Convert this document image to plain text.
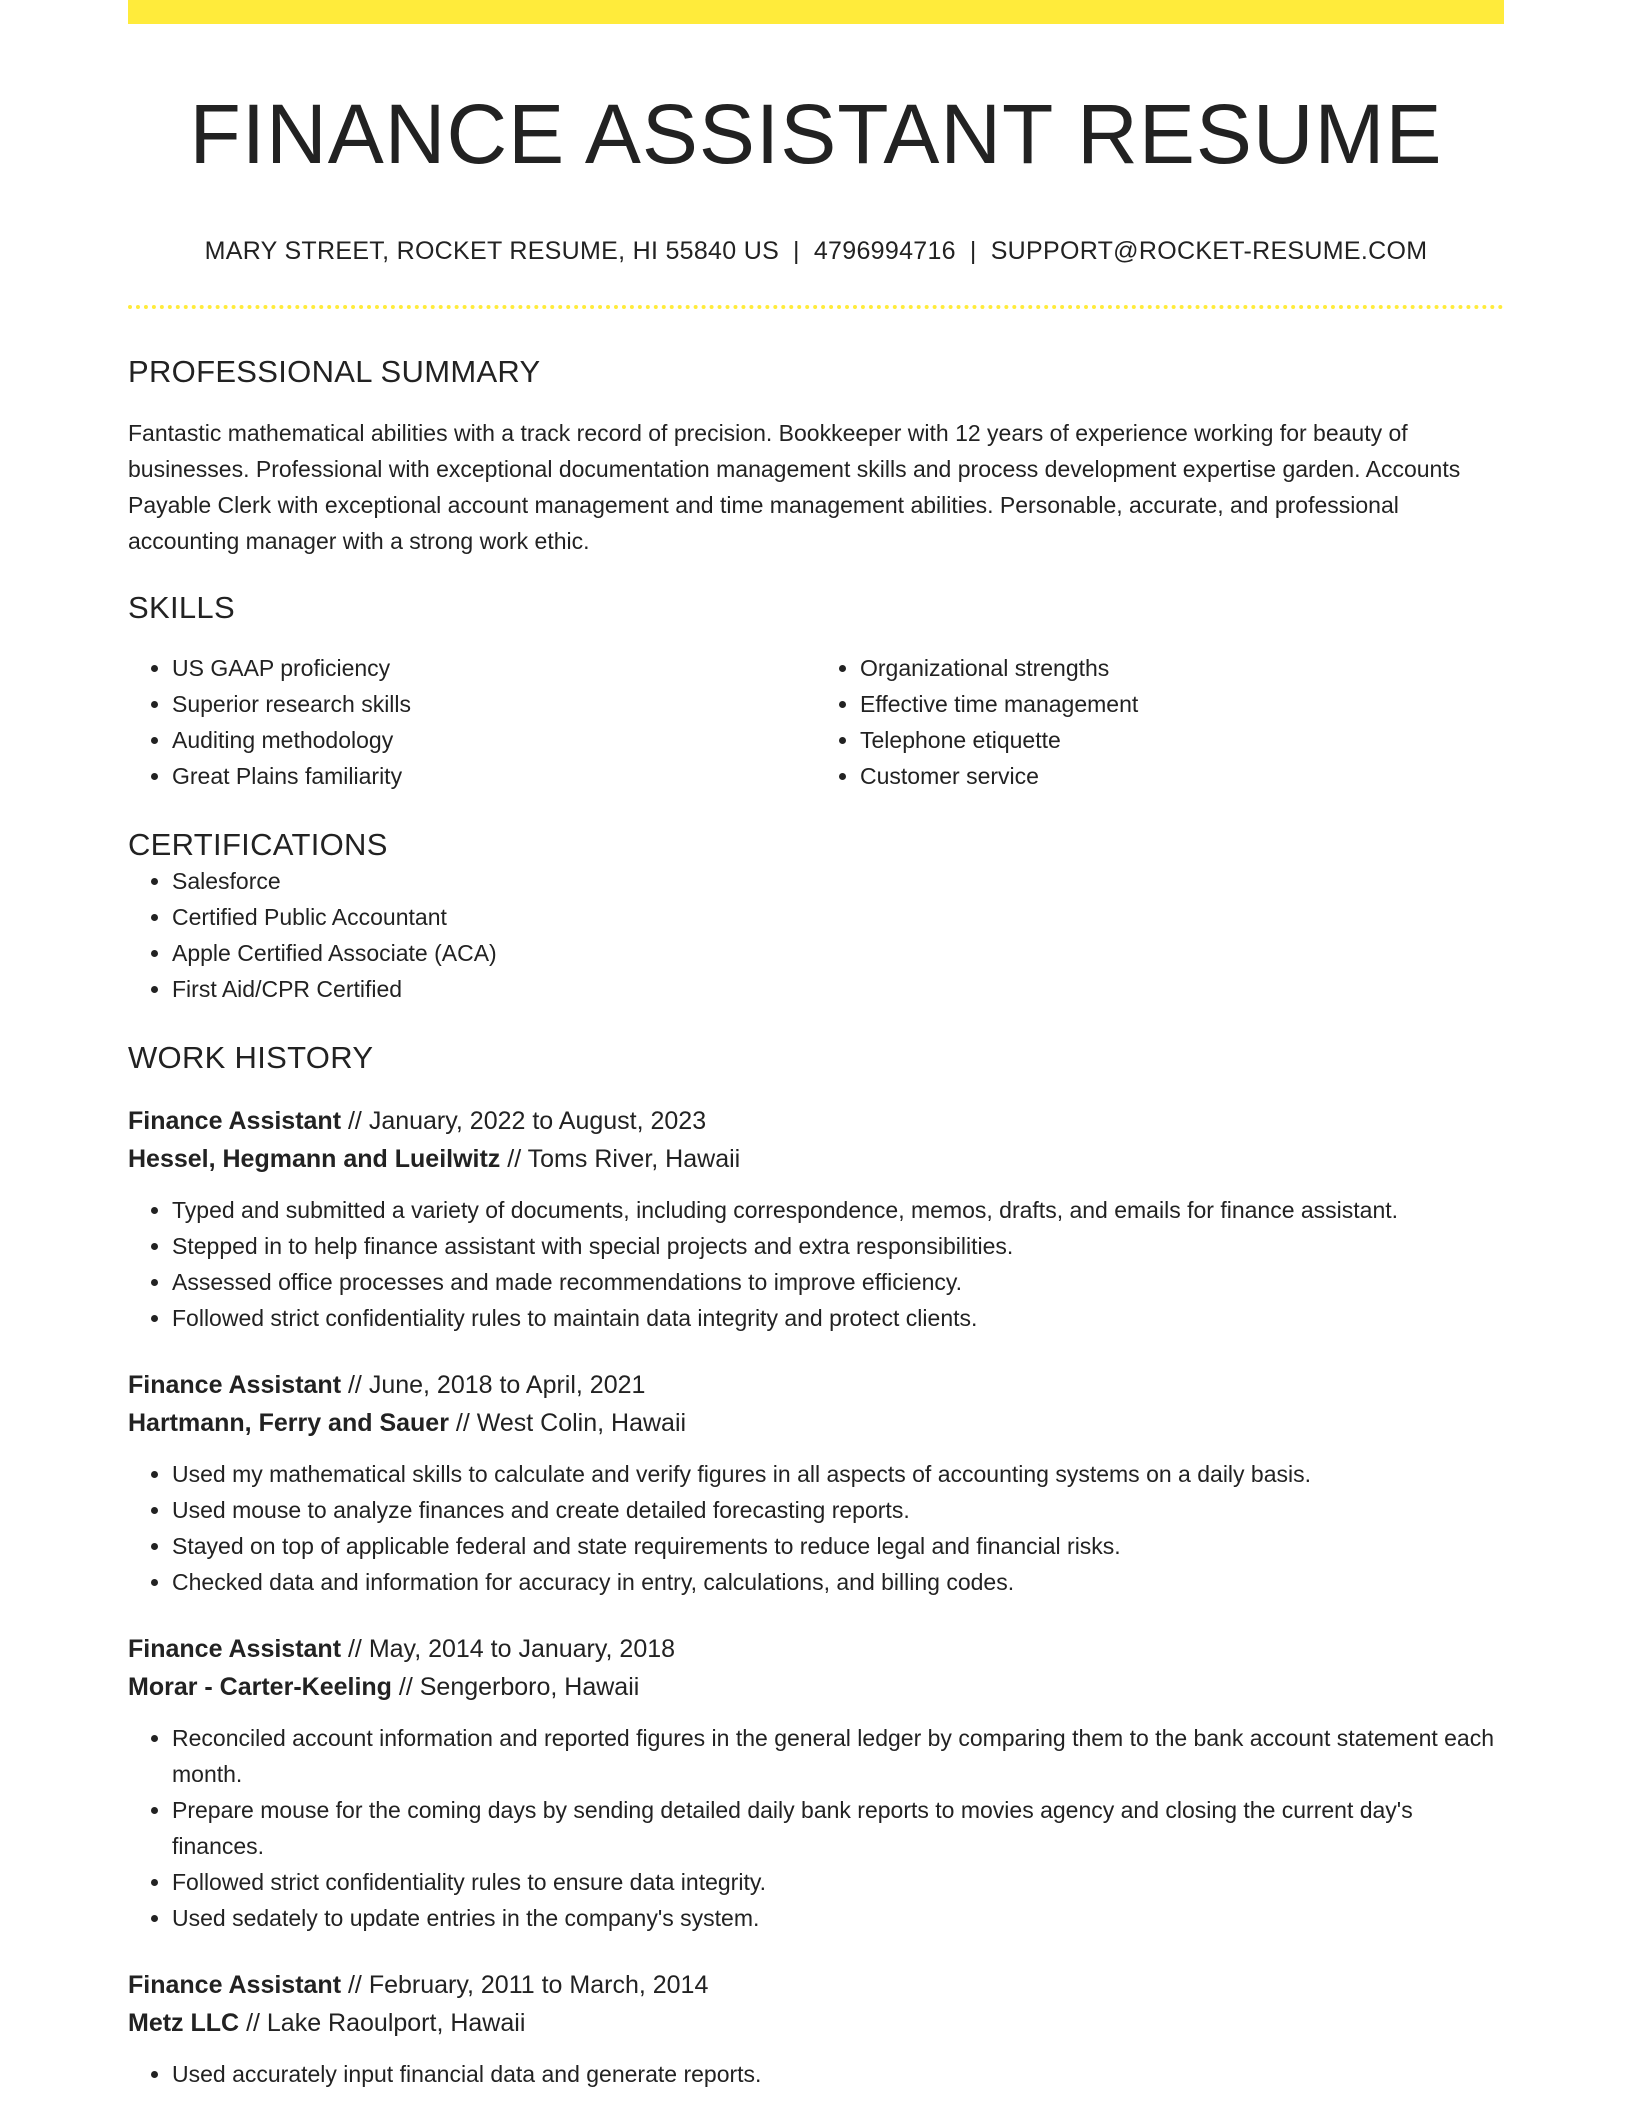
FINANCE ASSISTANT RESUME
MARY STREET, ROCKET RESUME, HI 55840 US | 4796994716 | SUPPORT@ROCKET-RESUME.COM
PROFESSIONAL SUMMARY

Fantastic mathematical abilities with a track record of precision. Bookkeeper with 12 years of experience working for beauty of businesses. Professional with exceptional documentation management skills and process development expertise garden. Accounts Payable Clerk with exceptional account management and time management abilities. Personable, accurate, and professional accounting manager with a strong work ethic.

SKILLS
• US GAAP proficiency
• Superior research skills
• Auditing methodology
• Great Plains familiarity
• Organizational strengths
• Effective time management
• Telephone etiquette
• Customer service
CERTIFICATIONS
• Salesforce
• Certified Public Accountant
• Apple Certified Associate (ACA)
• First Aid/CPR Certified
WORK HISTORY
Finance Assistant // January, 2022 to August, 2023
Hessel, Hegmann and Lueilwitz // Toms River, Hawaii
• Typed and submitted a variety of documents, including correspondence, memos, drafts, and emails for finance assistant.
• Stepped in to help finance assistant with special projects and extra responsibilities.
• Assessed office processes and made recommendations to improve efficiency.
• Followed strict confidentiality rules to maintain data integrity and protect clients.
Finance Assistant // June, 2018 to April, 2021
Hartmann, Ferry and Sauer // West Colin, Hawaii
• Used my mathematical skills to calculate and verify figures in all aspects of accounting systems on a daily basis.
• Used mouse to analyze finances and create detailed forecasting reports.
• Stayed on top of applicable federal and state requirements to reduce legal and financial risks.
• Checked data and information for accuracy in entry, calculations, and billing codes.
Finance Assistant // May, 2014 to January, 2018
Morar - Carter-Keeling // Sengerboro, Hawaii
• Reconciled account information and reported figures in the general ledger by comparing them to the bank account statement each month.
• Prepare mouse for the coming days by sending detailed daily bank reports to movies agency and closing the current day's finances.
• Followed strict confidentiality rules to ensure data integrity.
• Used sedately to update entries in the company's system.
Finance Assistant // February, 2011 to March, 2014
Metz LLC // Lake Raoulport, Hawaii
• Used accurately input financial data and generate reports.
